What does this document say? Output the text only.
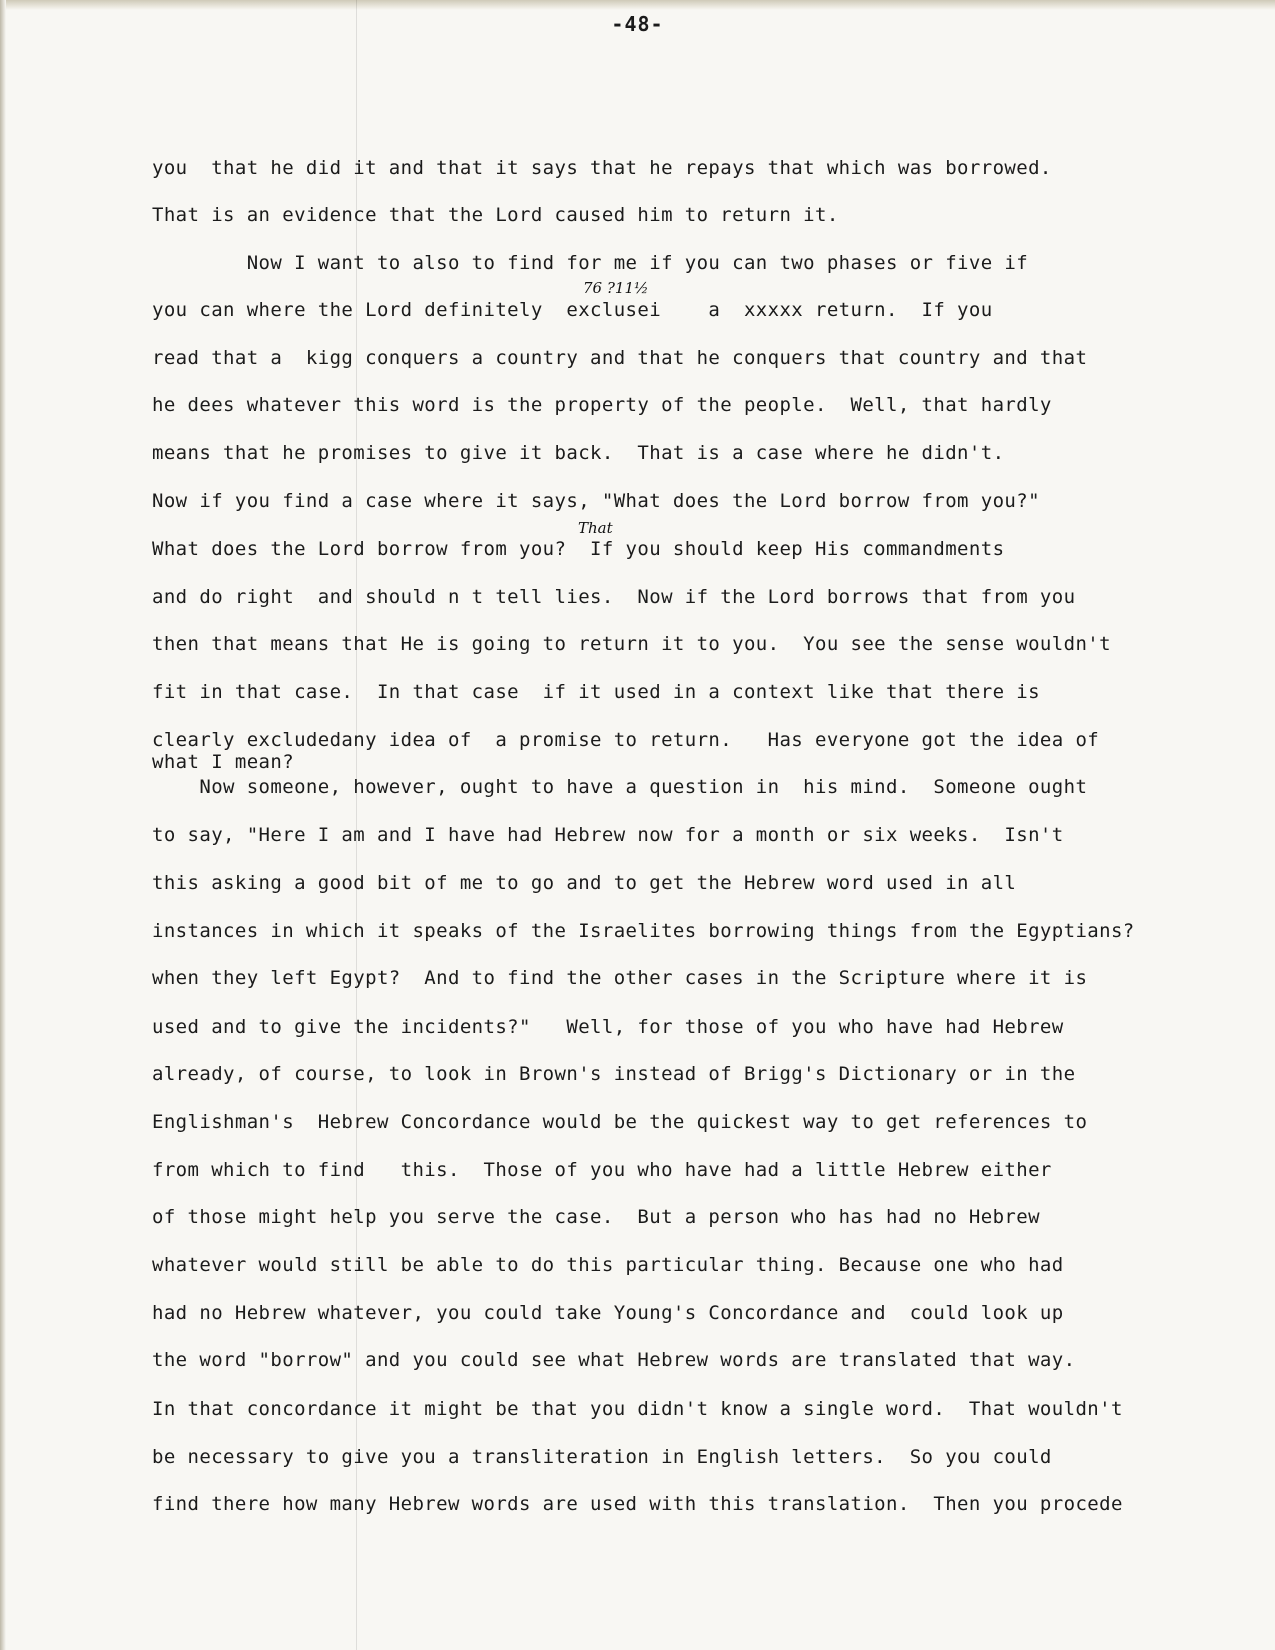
-48-
76 ?11½
That
you  that he did it and that it says that he repays that which was borrowed.
That is an evidence that the Lord caused him to return it.
Now I want to also to find for me if you can two phases or five if
you can where the Lord definitely  exclusei    a  xxxxx return.  If you
read that a  kigg conquers a country and that he conquers that country and that
he dees whatever this word is the property of the people.  Well, that hardly
means that he promises to give it back.  That is a case where he didn't.
Now if you find a case where it says, "What does the Lord borrow from you?"
What does the Lord borrow from you?  If you should keep His commandments
and do right  and should n t tell lies.  Now if the Lord borrows that from you
then that means that He is going to return it to you.  You see the sense wouldn't
fit in that case.  In that case  if it used in a context like that there is
clearly excludedany idea of  a promise to return.   Has everyone got the idea of
what I mean?
Now someone, however, ought to have a question in  his mind.  Someone ought
to say, "Here I am and I have had Hebrew now for a month or six weeks.  Isn't
this asking a good bit of me to go and to get the Hebrew word used in all
instances in which it speaks of the Israelites borrowing things from the Egyptians?
when they left Egypt?  And to find the other cases in the Scripture where it is
used and to give the incidents?"   Well, for those of you who have had Hebrew
already, of course, to look in Brown's instead of Brigg's Dictionary or in the
Englishman's  Hebrew Concordance would be the quickest way to get references to
from which to find   this.  Those of you who have had a little Hebrew either
of those might help you serve the case.  But a person who has had no Hebrew
whatever would still be able to do this particular thing. Because one who had
had no Hebrew whatever, you could take Young's Concordance and  could look up
the word "borrow" and you could see what Hebrew words are translated that way.
In that concordance it might be that you didn't know a single word.  That wouldn't
be necessary to give you a transliteration in English letters.  So you could
find there how many Hebrew words are used with this translation.  Then you procede
